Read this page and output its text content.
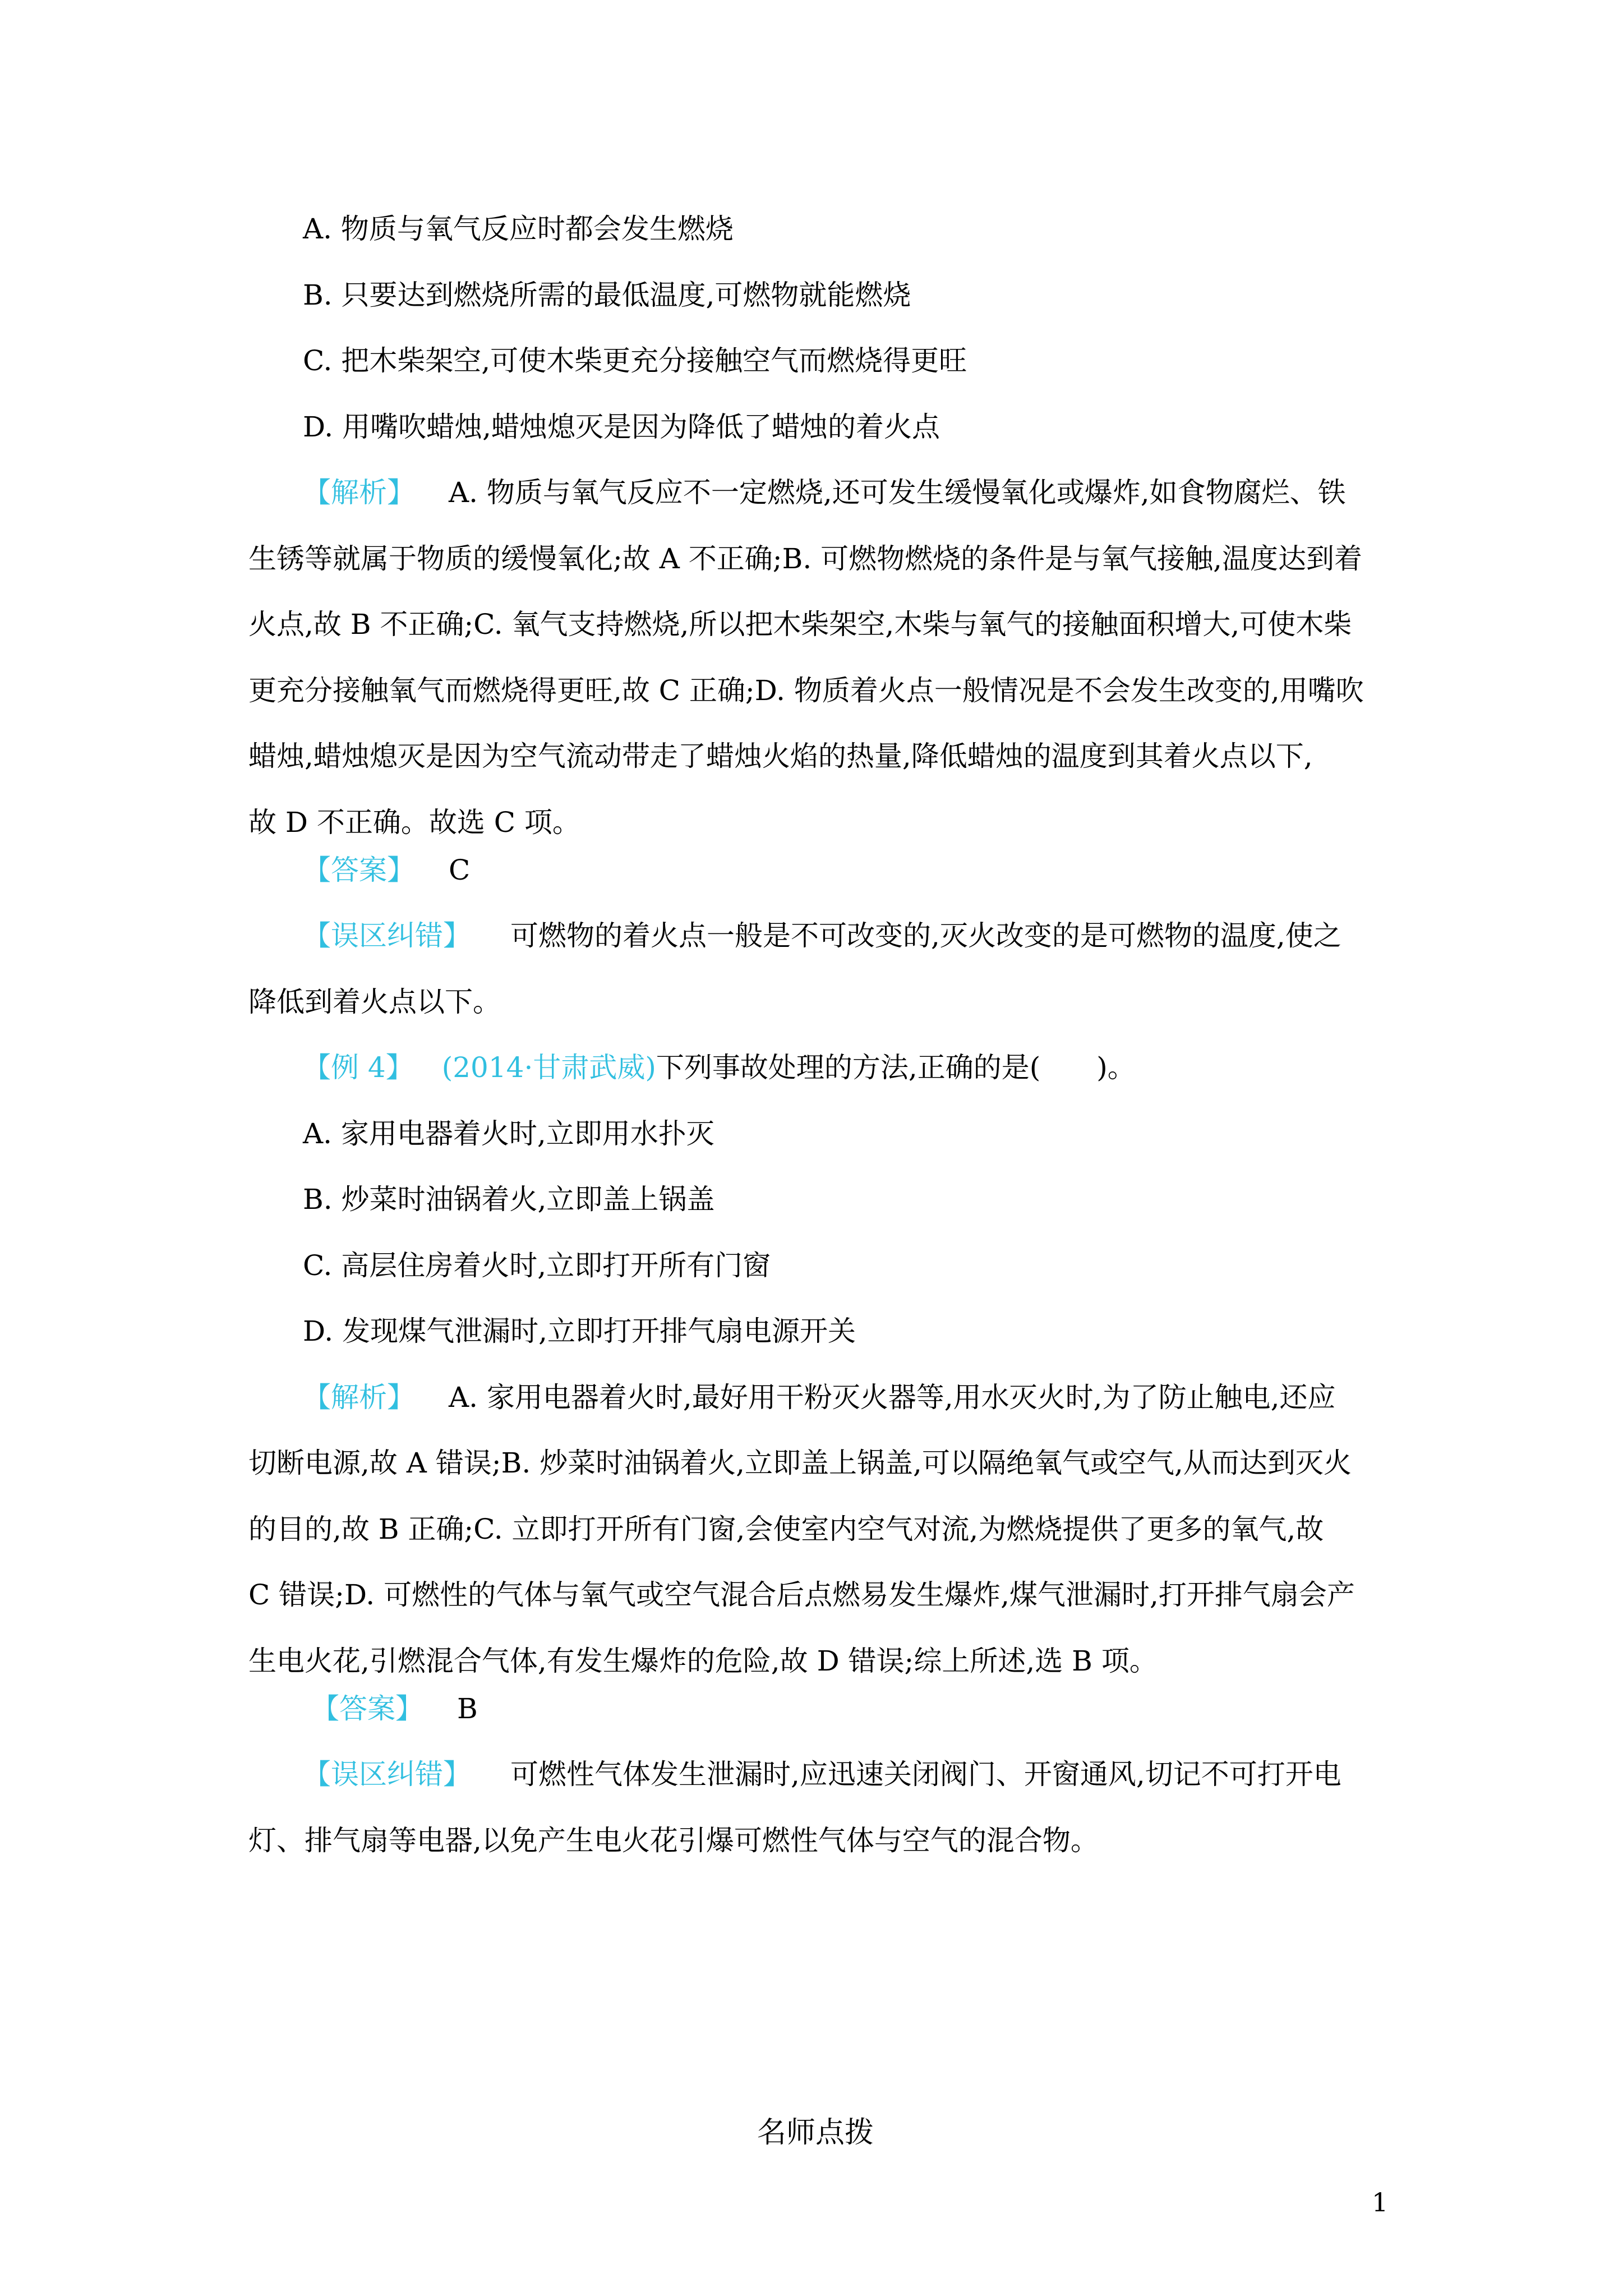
A. 物质与氧气反应时都会发生燃烧
B. 只要达到燃烧所需的最低温度,可燃物就能燃烧
C. 把木柴架空,可使木柴更充分接触空气而燃烧得更旺
D. 用嘴吹蜡烛,蜡烛熄灭是因为降低了蜡烛的着火点
【解析】 A. 物质与氧气反应不一定燃烧,还可发生缓慢氧化或爆炸,如食物腐烂、铁
生锈等就属于物质的缓慢氧化;故 A 不正确;B. 可燃物燃烧的条件是与氧气接触,温度达到着
火点,故 B 不正确;C. 氧气支持燃烧,所以把木柴架空,木柴与氧气的接触面积增大,可使木柴
更充分接触氧气而燃烧得更旺,故 C 正确;D. 物质着火点一般情况是不会发生改变的,用嘴吹
蜡烛,蜡烛熄灭是因为空气流动带走了蜡烛火焰的热量,降低蜡烛的温度到其着火点以下,
故 D 不正确。故选 C 项。
【答案】 C
【误区纠错】 可燃物的着火点一般是不可改变的,灭火改变的是可燃物的温度,使之
降低到着火点以下。
【例 4】 (2014·甘肃武威)下列事故处理的方法,正确的是(　　)。
A. 家用电器着火时,立即用水扑灭
B. 炒菜时油锅着火,立即盖上锅盖
C. 高层住房着火时,立即打开所有门窗
D. 发现煤气泄漏时,立即打开排气扇电源开关
【解析】 A. 家用电器着火时,最好用干粉灭火器等,用水灭火时,为了防止触电,还应
切断电源,故 A 错误;B. 炒菜时油锅着火,立即盖上锅盖,可以隔绝氧气或空气,从而达到灭火
的目的,故 B 正确;C. 立即打开所有门窗,会使室内空气对流,为燃烧提供了更多的氧气,故
C 错误;D. 可燃性的气体与氧气或空气混合后点燃易发生爆炸,煤气泄漏时,打开排气扇会产
生电火花,引燃混合气体,有发生爆炸的危险,故 D 错误;综上所述,选 B 项。
【答案】 B
【误区纠错】 可燃性气体发生泄漏时,应迅速关闭阀门、开窗通风,切记不可打开电
灯、排气扇等电器,以免产生电火花引爆可燃性气体与空气的混合物。
名师点拨
1
